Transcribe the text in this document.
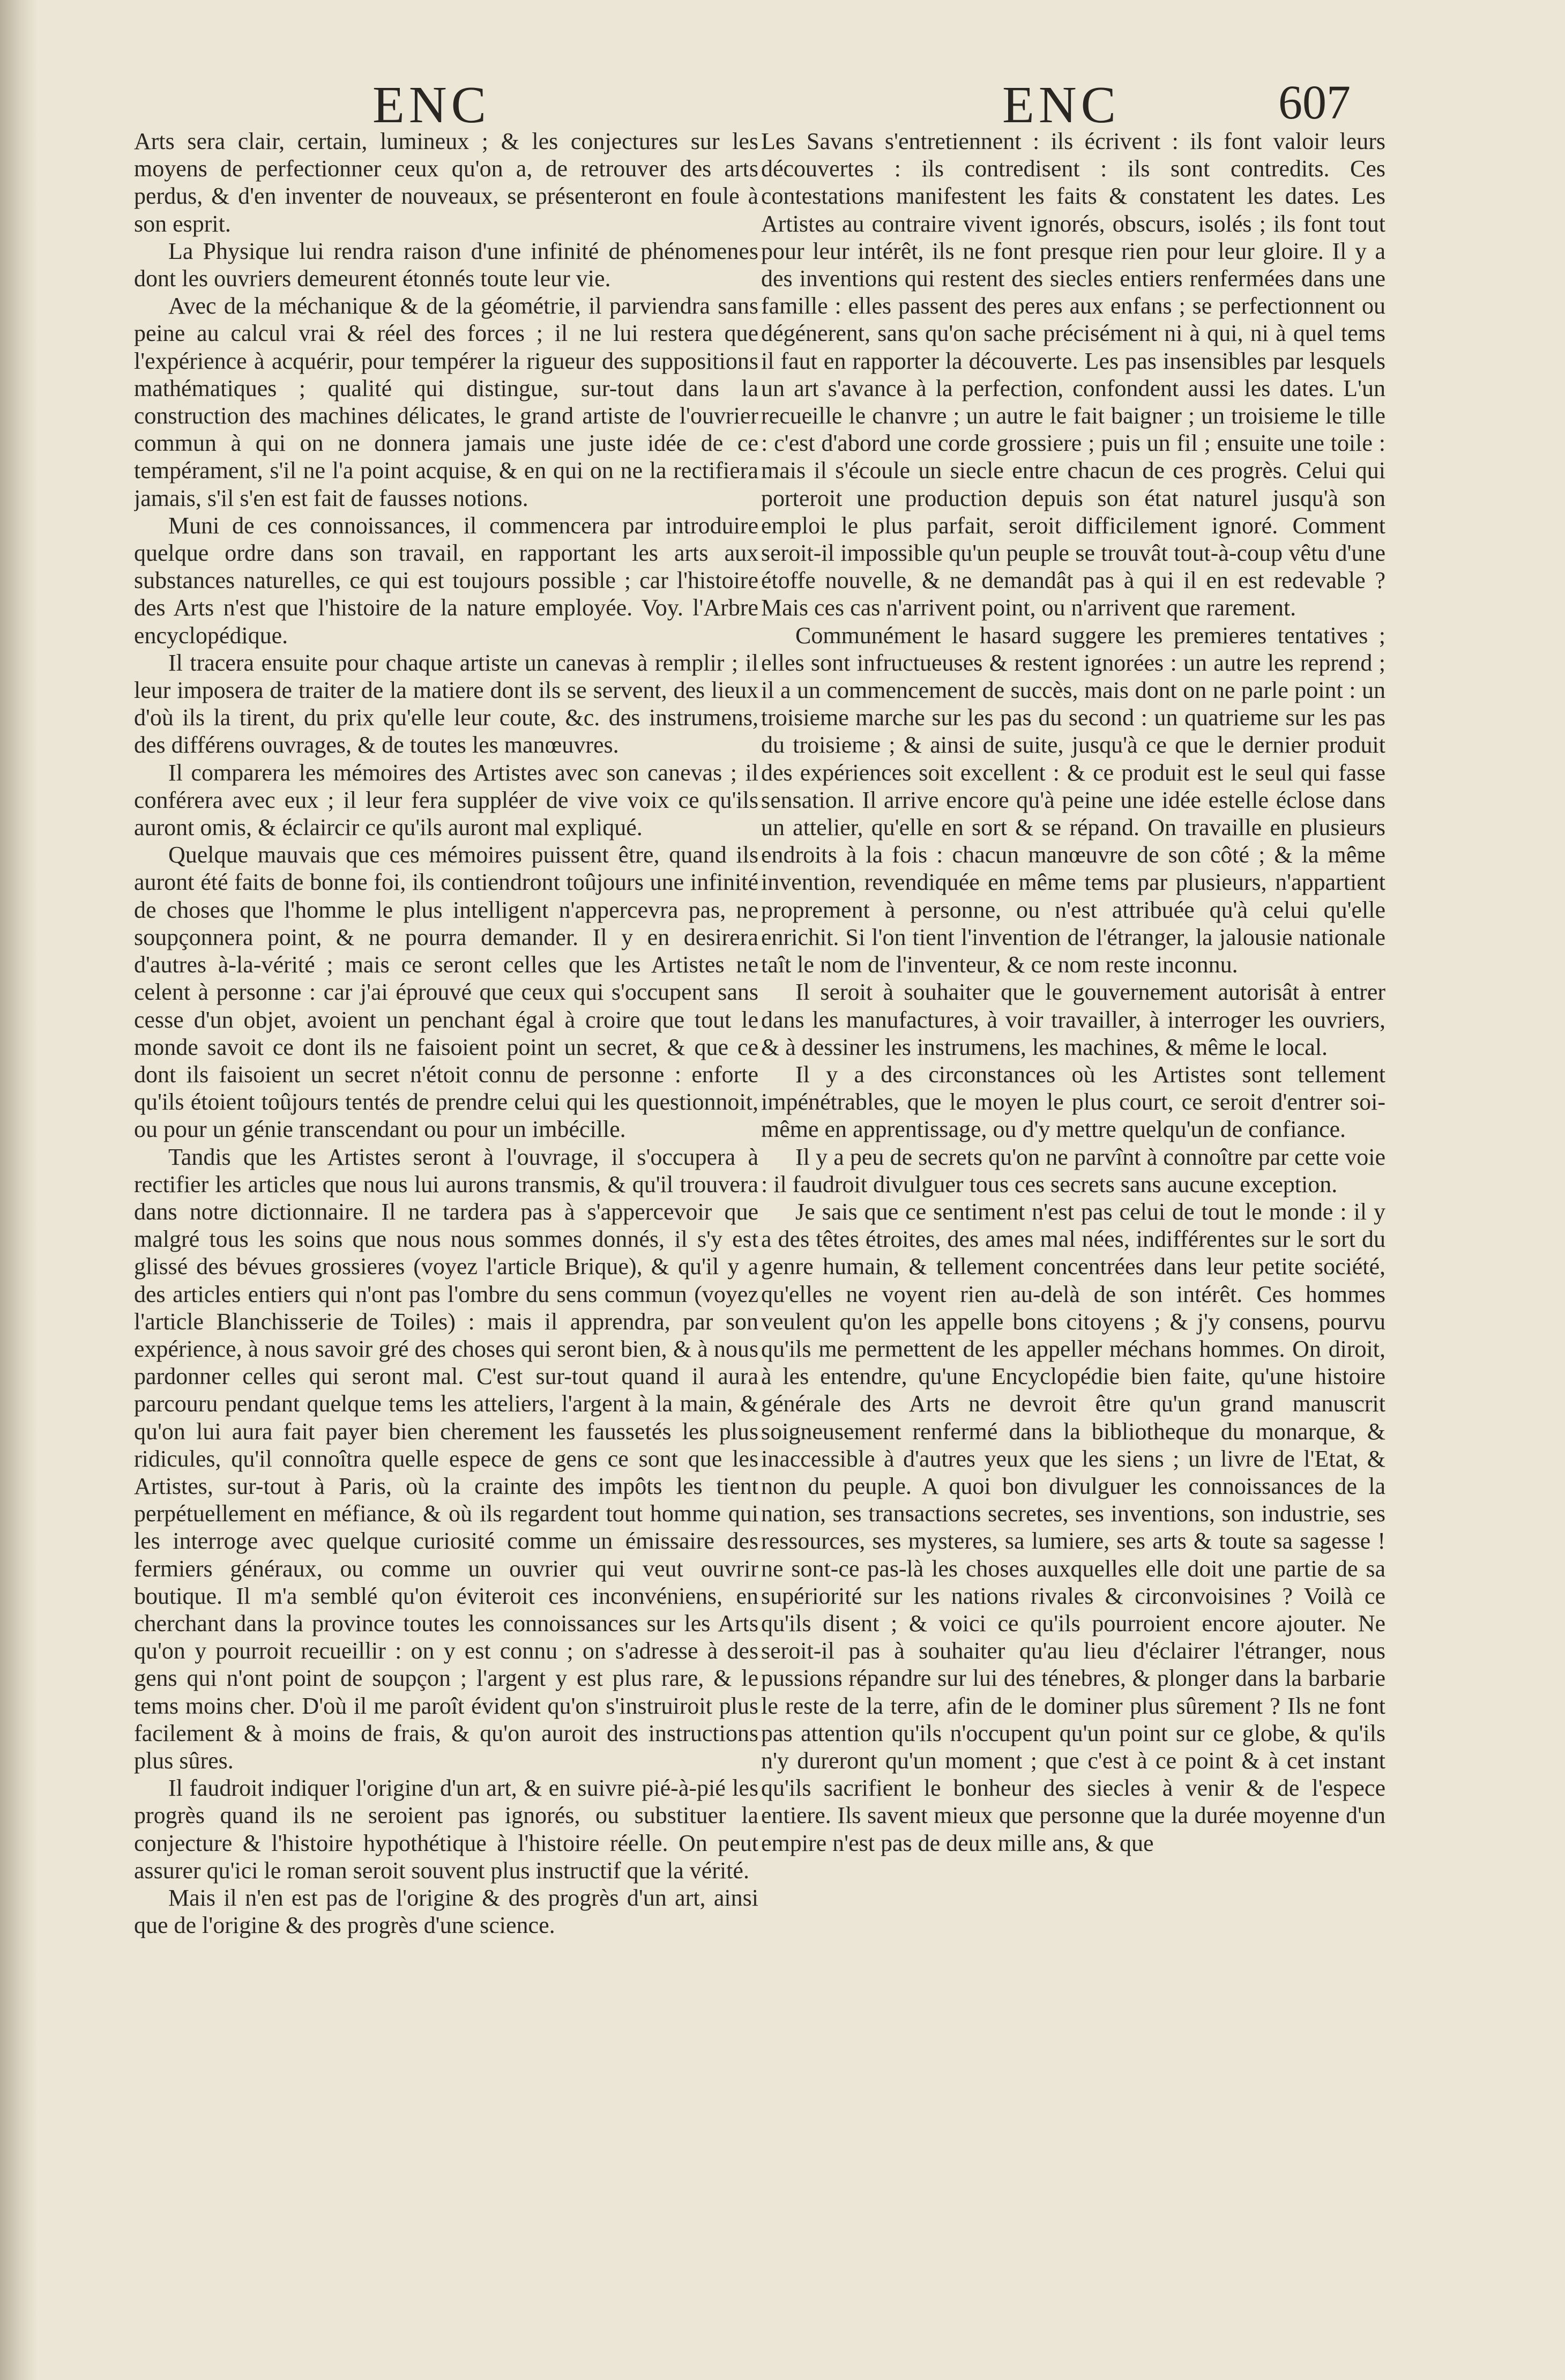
ENC	ENC	607

Arts sera clair, certain, lumineux ; & les conjectures sur les moyens de perfectionner ceux qu'on a, de retrouver des arts perdus, & d'en inventer de nouveaux, se présenteront en foule à son esprit.

La Physique lui rendra raison d'une infinité de phénomenes dont les ouvriers demeurent étonnés toute leur vie.

Avec de la méchanique & de la géométrie, il parviendra sans peine au calcul vrai & réel des forces ; il ne lui restera que l'expérience à acquérir, pour tempérer la rigueur des suppositions mathématiques ; qualité qui distingue, sur-tout dans la construction des machines délicates, le grand artiste de l'ouvrier commun à qui on ne donnera jamais une juste idée de ce tempérament, s'il ne l'a point acquise, & en qui on ne la rectifiera jamais, s'il s'en est fait de fausses notions.

Muni de ces connoissances, il commencera par introduire quelque ordre dans son travail, en rapportant les arts aux substances naturelles, ce qui est toujours possible ; car l'histoire des Arts n'est que l'histoire de la nature employée. Voy. l'Arbre encyclopédique.

Il tracera ensuite pour chaque artiste un canevas à remplir ; il leur imposera de traiter de la matiere dont ils se servent, des lieux d'où ils la tirent, du prix qu'elle leur coute, &c. des instrumens, des différens ouvrages, & de toutes les manœuvres.

Il comparera les mémoires des Artistes avec son canevas ; il conférera avec eux ; il leur fera suppléer de vive voix ce qu'ils auront omis, & éclaircir ce qu'ils auront mal expliqué.

Quelque mauvais que ces mémoires puissent être, quand ils auront été faits de bonne foi, ils contiendront toûjours une infinité de choses que l'homme le plus intelligent n'appercevra pas, ne soupçonnera point, & ne pourra demander. Il y en desirera d'autres à-la-vérité ; mais ce seront celles que les Artistes ne celent à personne : car j'ai éprouvé que ceux qui s'occupent sans cesse d'un objet, avoient un penchant égal à croire que tout le monde savoit ce dont ils ne faisoient point un secret, & que ce dont ils faisoient un secret n'étoit connu de personne : enforte qu'ils étoient toûjours tentés de prendre celui qui les questionnoit, ou pour un génie transcendant ou pour un imbécille.

Tandis que les Artistes seront à l'ouvrage, il s'occupera à rectifier les articles que nous lui aurons transmis, & qu'il trouvera dans notre dictionnaire. Il ne tardera pas à s'appercevoir que malgré tous les soins que nous nous sommes donnés, il s'y est glissé des bévues grossieres (voyez l'article Brique), & qu'il y a des articles entiers qui n'ont pas l'ombre du sens commun (voyez l'article Blanchisserie de Toiles) : mais il apprendra, par son expérience, à nous savoir gré des choses qui seront bien, & à nous pardonner celles qui seront mal. C'est sur-tout quand il aura parcouru pendant quelque tems les atteliers, l'argent à la main, & qu'on lui aura fait payer bien cherement les faussetés les plus ridicules, qu'il connoîtra quelle espece de gens ce sont que les Artistes, sur-tout à Paris, où la crainte des impôts les tient perpétuellement en méfiance, & où ils regardent tout homme qui les interroge avec quelque curiosité comme un émissaire des fermiers généraux, ou comme un ouvrier qui veut ouvrir boutique. Il m'a semblé qu'on éviteroit ces inconvéniens, en cherchant dans la province toutes les connoissances sur les Arts qu'on y pourroit recueillir : on y est connu ; on s'adresse à des gens qui n'ont point de soupçon ; l'argent y est plus rare, & le tems moins cher. D'où il me paroît évident qu'on s'instruiroit plus facilement & à moins de frais, & qu'on auroit des instructions plus sûres.

Il faudroit indiquer l'origine d'un art, & en suivre pié-à-pié les progrès quand ils ne seroient pas ignorés, ou substituer la conjecture & l'histoire hypothétique à l'histoire réelle. On peut assurer qu'ici le roman seroit souvent plus instructif que la vérité.

Mais il n'en est pas de l'origine & des progrès d'un art, ainsi que de l'origine & des progrès d'une science.

Les Savans s'entretiennent : ils écrivent : ils font valoir leurs découvertes : ils contredisent : ils sont contredits. Ces contestations manifestent les faits & constatent les dates. Les Artistes au contraire vivent ignorés, obscurs, isolés ; ils font tout pour leur intérêt, ils ne font presque rien pour leur gloire. Il y a des inventions qui restent des siecles entiers renfermées dans une famille : elles passent des peres aux enfans ; se perfectionnent ou dégénerent, sans qu'on sache précisément ni à qui, ni à quel tems il faut en rapporter la découverte. Les pas insensibles par lesquels un art s'avance à la perfection, confondent aussi les dates. L'un recueille le chanvre ; un autre le fait baigner ; un troisieme le tille : c'est d'abord une corde grossiere ; puis un fil ; ensuite une toile : mais il s'écoule un siecle entre chacun de ces progrès. Celui qui porteroit une production depuis son état naturel jusqu'à son emploi le plus parfait, seroit difficilement ignoré. Comment seroit-il impossible qu'un peuple se trouvât tout-à-coup vêtu d'une étoffe nouvelle, & ne demandât pas à qui il en est redevable ? Mais ces cas n'arrivent point, ou n'arrivent que rarement.

Communément le hasard suggere les premieres tentatives ; elles sont infructueuses & restent ignorées : un autre les reprend ; il a un commencement de succès, mais dont on ne parle point : un troisieme marche sur les pas du second : un quatrieme sur les pas du troisieme ; & ainsi de suite, jusqu'à ce que le dernier produit des expériences soit excellent : & ce produit est le seul qui fasse sensation. Il arrive encore qu'à peine une idée estelle éclose dans un attelier, qu'elle en sort & se répand. On travaille en plusieurs endroits à la fois : chacun manœuvre de son côté ; & la même invention, revendiquée en même tems par plusieurs, n'appartient proprement à personne, ou n'est attribuée qu'à celui qu'elle enrichit. Si l'on tient l'invention de l'étranger, la jalousie nationale taît le nom de l'inventeur, & ce nom reste inconnu.

Il seroit à souhaiter que le gouvernement autorisât à entrer dans les manufactures, à voir travailler, à interroger les ouvriers, & à dessiner les instrumens, les machines, & même le local.

Il y a des circonstances où les Artistes sont tellement impénétrables, que le moyen le plus court, ce seroit d'entrer soi-même en apprentissage, ou d'y mettre quelqu'un de confiance.

Il y a peu de secrets qu'on ne parvînt à connoître par cette voie : il faudroit divulguer tous ces secrets sans aucune exception.

Je sais que ce sentiment n'est pas celui de tout le monde : il y a des têtes étroites, des ames mal nées, indifférentes sur le sort du genre humain, & tellement concentrées dans leur petite société, qu'elles ne voyent rien au-delà de son intérêt. Ces hommes veulent qu'on les appelle bons citoyens ; & j'y consens, pourvu qu'ils me permettent de les appeller méchans hommes. On diroit, à les entendre, qu'une Encyclopédie bien faite, qu'une histoire générale des Arts ne devroit être qu'un grand manuscrit soigneusement renfermé dans la bibliotheque du monarque, & inaccessible à d'autres yeux que les siens ; un livre de l'Etat, & non du peuple. A quoi bon divulguer les connoissances de la nation, ses transactions secretes, ses inventions, son industrie, ses ressources, ses mysteres, sa lumiere, ses arts & toute sa sagesse ! ne sont-ce pas-là les choses auxquelles elle doit une partie de sa supériorité sur les nations rivales & circonvoisines ? Voilà ce qu'ils disent ; & voici ce qu'ils pourroient encore ajouter. Ne seroit-il pas à souhaiter qu'au lieu d'éclairer l'étranger, nous pussions répandre sur lui des ténebres, & plonger dans la barbarie le reste de la terre, afin de le dominer plus sûrement ? Ils ne font pas attention qu'ils n'occupent qu'un point sur ce globe, & qu'ils n'y dureront qu'un moment ; que c'est à ce point & à cet instant qu'ils sacrifient le bonheur des siecles à venir & de l'espece entiere. Ils savent mieux que personne que la durée moyenne d'un empire n'est pas de deux mille ans, & que
